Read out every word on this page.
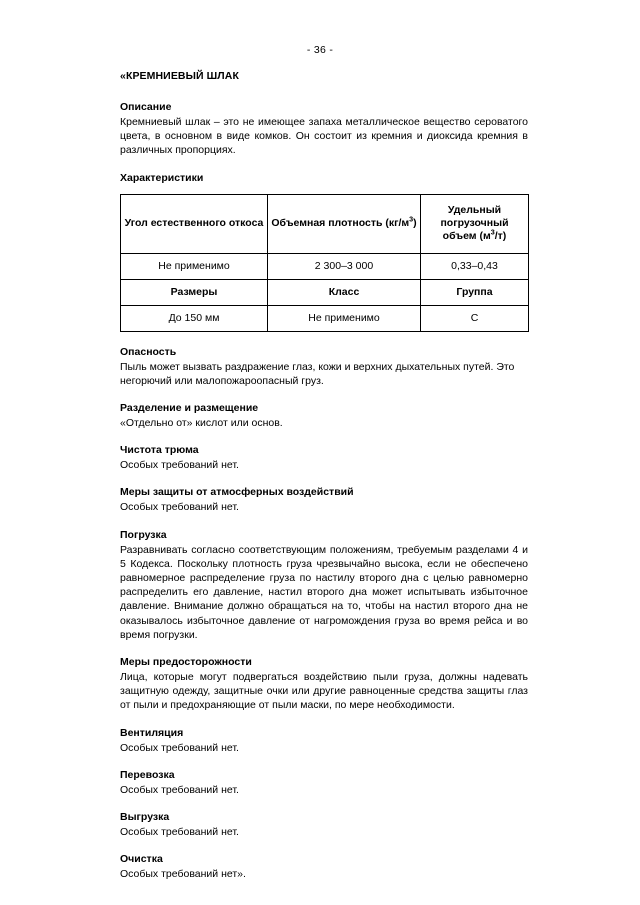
- 36 -
«КРЕМНИЕВЫЙ ШЛАК
Описание

Кремниевый шлак – это не имеющее запаха металлическое вещество сероватого цвета, в основном в виде комков. Он состоит из кремния и диоксида кремния в различных пропорциях.

Характеристики
Угол естественного откоса	Объемная плотность $(кг/м^3)$	Удельный погрузочный объем $(м^3/т)$
Не применимо	2 300–3 000	0,33–0,43
Размеры	Класс	Группа
До 150 мм	Не применимо	С
Опасность

Пыль может вызвать раздражение глаз, кожи и верхних дыхательных путей. Это негорючий или малопожароопасный груз.

Разделение и размещение

«Отдельно от» кислот или основ.

Чистота трюма

Особых требований нет.

Меры защиты от атмосферных воздействий

Особых требований нет.

Погрузка

Разравнивать согласно соответствующим положениям, требуемым разделами 4 и 5 Кодекса. Поскольку плотность груза чрезвычайно высока, если не обеспечено равномерное распределение груза по настилу второго дна с целью равномерно распределить его давление, настил второго дна может испытывать избыточное давление. Внимание должно обращаться на то, чтобы на настил второго дна не оказывалось избыточное давление от нагромождения груза во время рейса и во время погрузки.

Меры предосторожности

Лица, которые могут подвергаться воздействию пыли груза, должны надевать защитную одежду, защитные очки или другие равноценные средства защиты глаз от пыли и предохраняющие от пыли маски, по мере необходимости.

Вентиляция

Особых требований нет.

Перевозка

Особых требований нет.

Выгрузка

Особых требований нет.

Очистка

Особых требований нет».
